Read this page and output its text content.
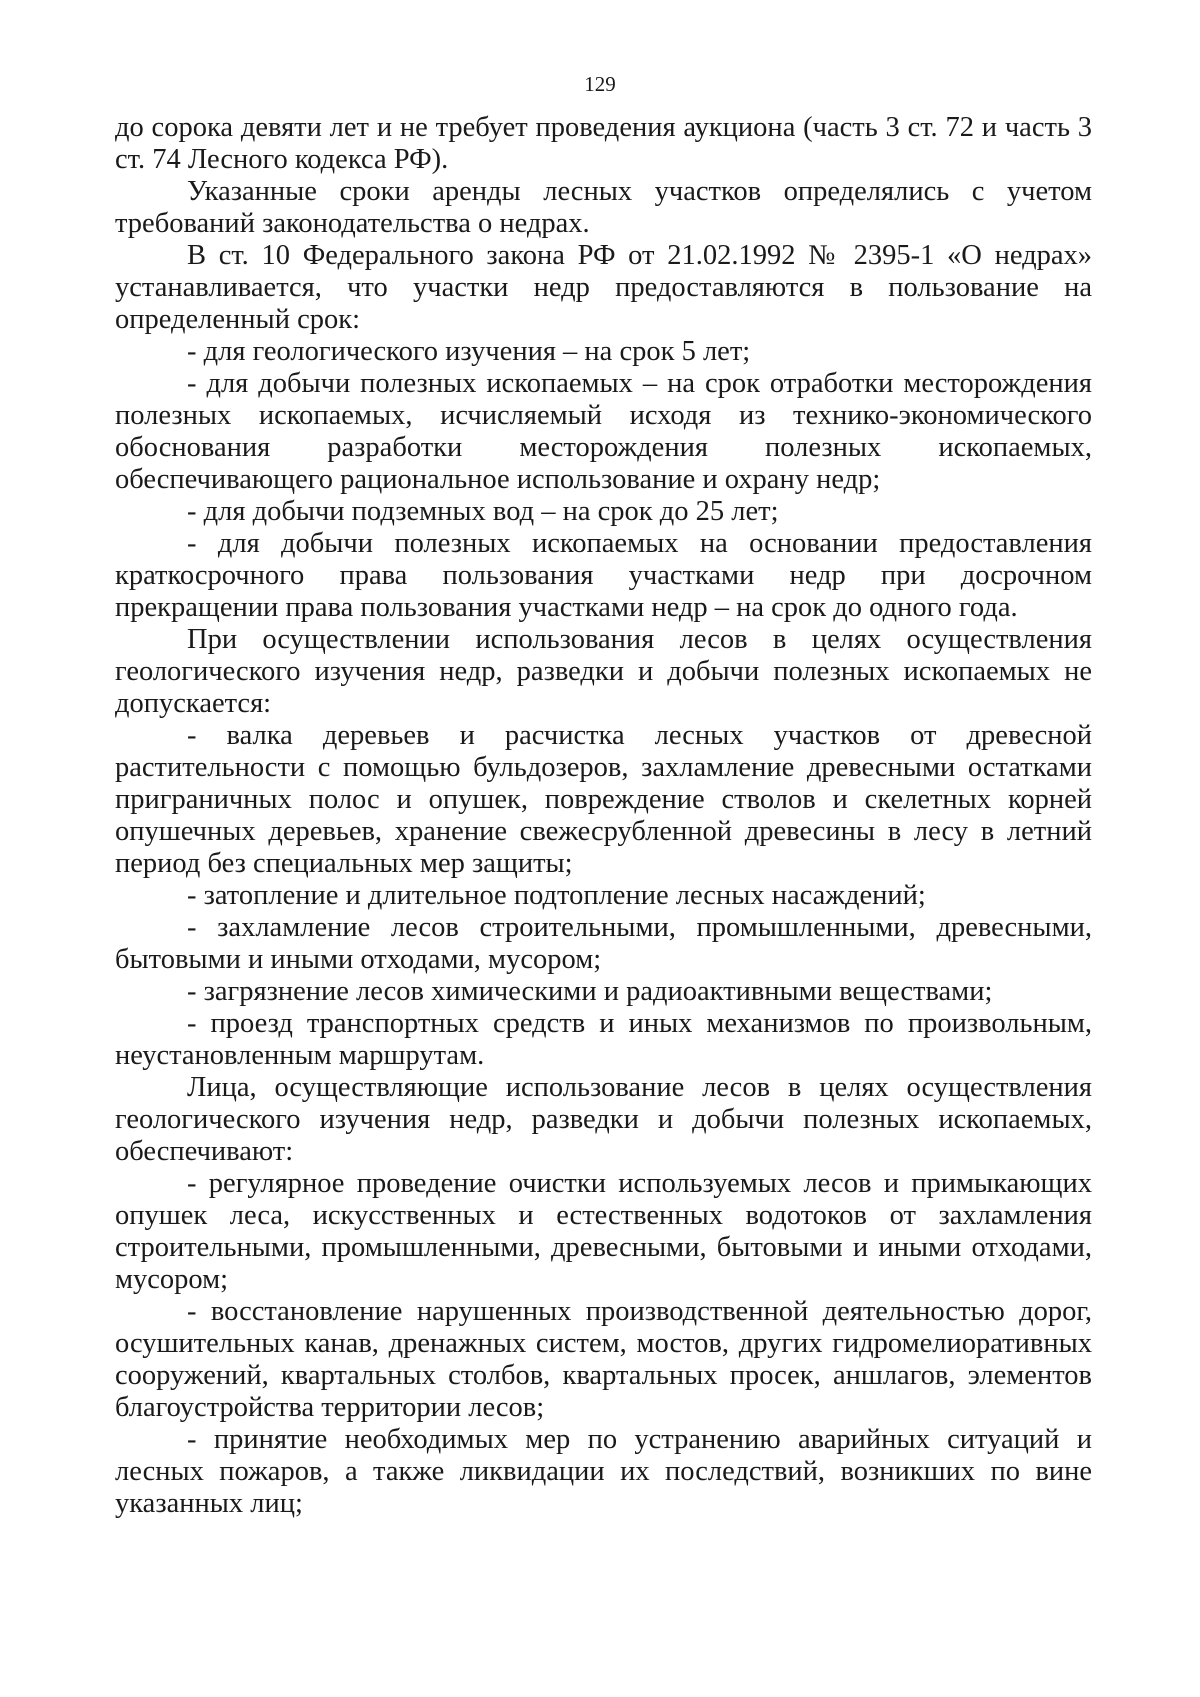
129

до сорока девяти лет и не требует проведения аукциона (часть 3 ст. 72 и часть 3 ст. 74 Лесного кодекса РФ).

Указанные сроки аренды лесных участков определялись с учетом требований законодательства о недрах.

В ст. 10 Федерального закона РФ от 21.02.1992 № 2395-1 «О недрах» устанавливается, что участки недр предоставляются в пользование на определенный срок:

- для геологического изучения – на срок 5 лет;

- для добычи полезных ископаемых – на срок отработки месторождения полезных ископаемых, исчисляемый исходя из технико-экономического обоснования разработки месторождения полезных ископаемых, обеспечивающего рациональное использование и охрану недр;

- для добычи подземных вод – на срок до 25 лет;

- для добычи полезных ископаемых на основании предоставления краткосрочного права пользования участками недр при досрочном прекращении права пользования участками недр – на срок до одного года.

При осуществлении использования лесов в целях осуществления геологического изучения недр, разведки и добычи полезных ископаемых не допускается:

- валка деревьев и расчистка лесных участков от древесной растительности с помощью бульдозеров, захламление древесными остатками приграничных полос и опушек, повреждение стволов и скелетных корней опушечных деревьев, хранение свежесрубленной древесины в лесу в летний период без специальных мер защиты;

- затопление и длительное подтопление лесных насаждений;

- захламление лесов строительными, промышленными, древесными, бытовыми и иными отходами, мусором;

- загрязнение лесов химическими и радиоактивными веществами;

- проезд транспортных средств и иных механизмов по произвольным, неустановленным маршрутам.

Лица, осуществляющие использование лесов в целях осуществления геологического изучения недр, разведки и добычи полезных ископаемых, обеспечивают:

- регулярное проведение очистки используемых лесов и примыкающих опушек леса, искусственных и естественных водотоков от захламления строительными, промышленными, древесными, бытовыми и иными отходами, мусором;

- восстановление нарушенных производственной деятельностью дорог, осушительных канав, дренажных систем, мостов, других гидромелиоративных сооружений, квартальных столбов, квартальных просек, аншлагов, элементов благоустройства территории лесов;

- принятие необходимых мер по устранению аварийных ситуаций и лесных пожаров, а также ликвидации их последствий, возникших по вине указанных лиц;
